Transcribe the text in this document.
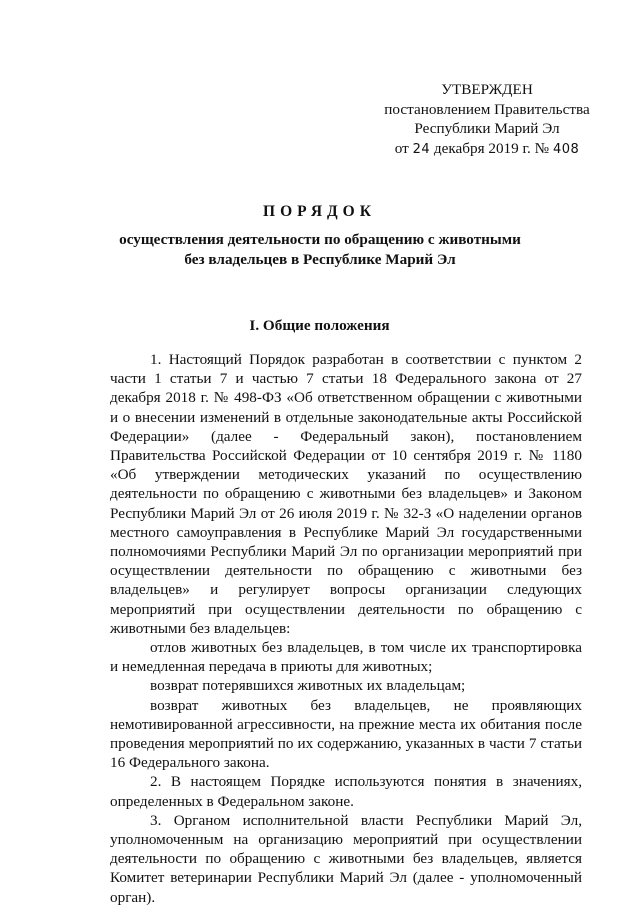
УТВЕРЖДЕН
постановлением Правительства
Республики Марий Эл
от 24 декабря 2019 г. № 408
ПОРЯДОК
осуществления деятельности по обращению с животными
без владельцев в Республике Марий Эл
I. Общие положения

1. Настоящий Порядок разработан в соответствии с пунктом 2 части 1 статьи 7 и частью 7 статьи 18 Федерального закона от 27 декабря 2018 г. № 498-ФЗ «Об ответственном обращении с животными и о внесении изменений в отдельные законодательные акты Российской Федерации» (далее - Федеральный закон), постановлением Правительства Российской Федерации от 10 сентября 2019 г. № 1180 «Об утверждении методических указаний по осуществлению деятельности по обращению с животными без владельцев» и Законом Республики Марий Эл от 26 июля 2019 г. № 32-З «О наделении органов местного самоуправления в Республике Марий Эл государственными полномочиями Республики Марий Эл по организации мероприятий при осуществлении деятельности по обращению с животными без владельцев» и регулирует вопросы организации следующих мероприятий при осуществлении деятельности по обращению с животными без владельцев:

отлов животных без владельцев, в том числе их транспортировка и немедленная передача в приюты для животных;

возврат потерявшихся животных их владельцам;

возврат животных без владельцев, не проявляющих немотивированной агрессивности, на прежние места их обитания после проведения мероприятий по их содержанию, указанных в части 7 статьи 16 Федерального закона.

2. В настоящем Порядке используются понятия в значениях, определенных в Федеральном законе.

3. Органом исполнительной власти Республики Марий Эл, уполномоченным на организацию мероприятий при осуществлении деятельности по обращению с животными без владельцев, является Комитет ветеринарии Республики Марий Эл (далее - уполномоченный орган).
